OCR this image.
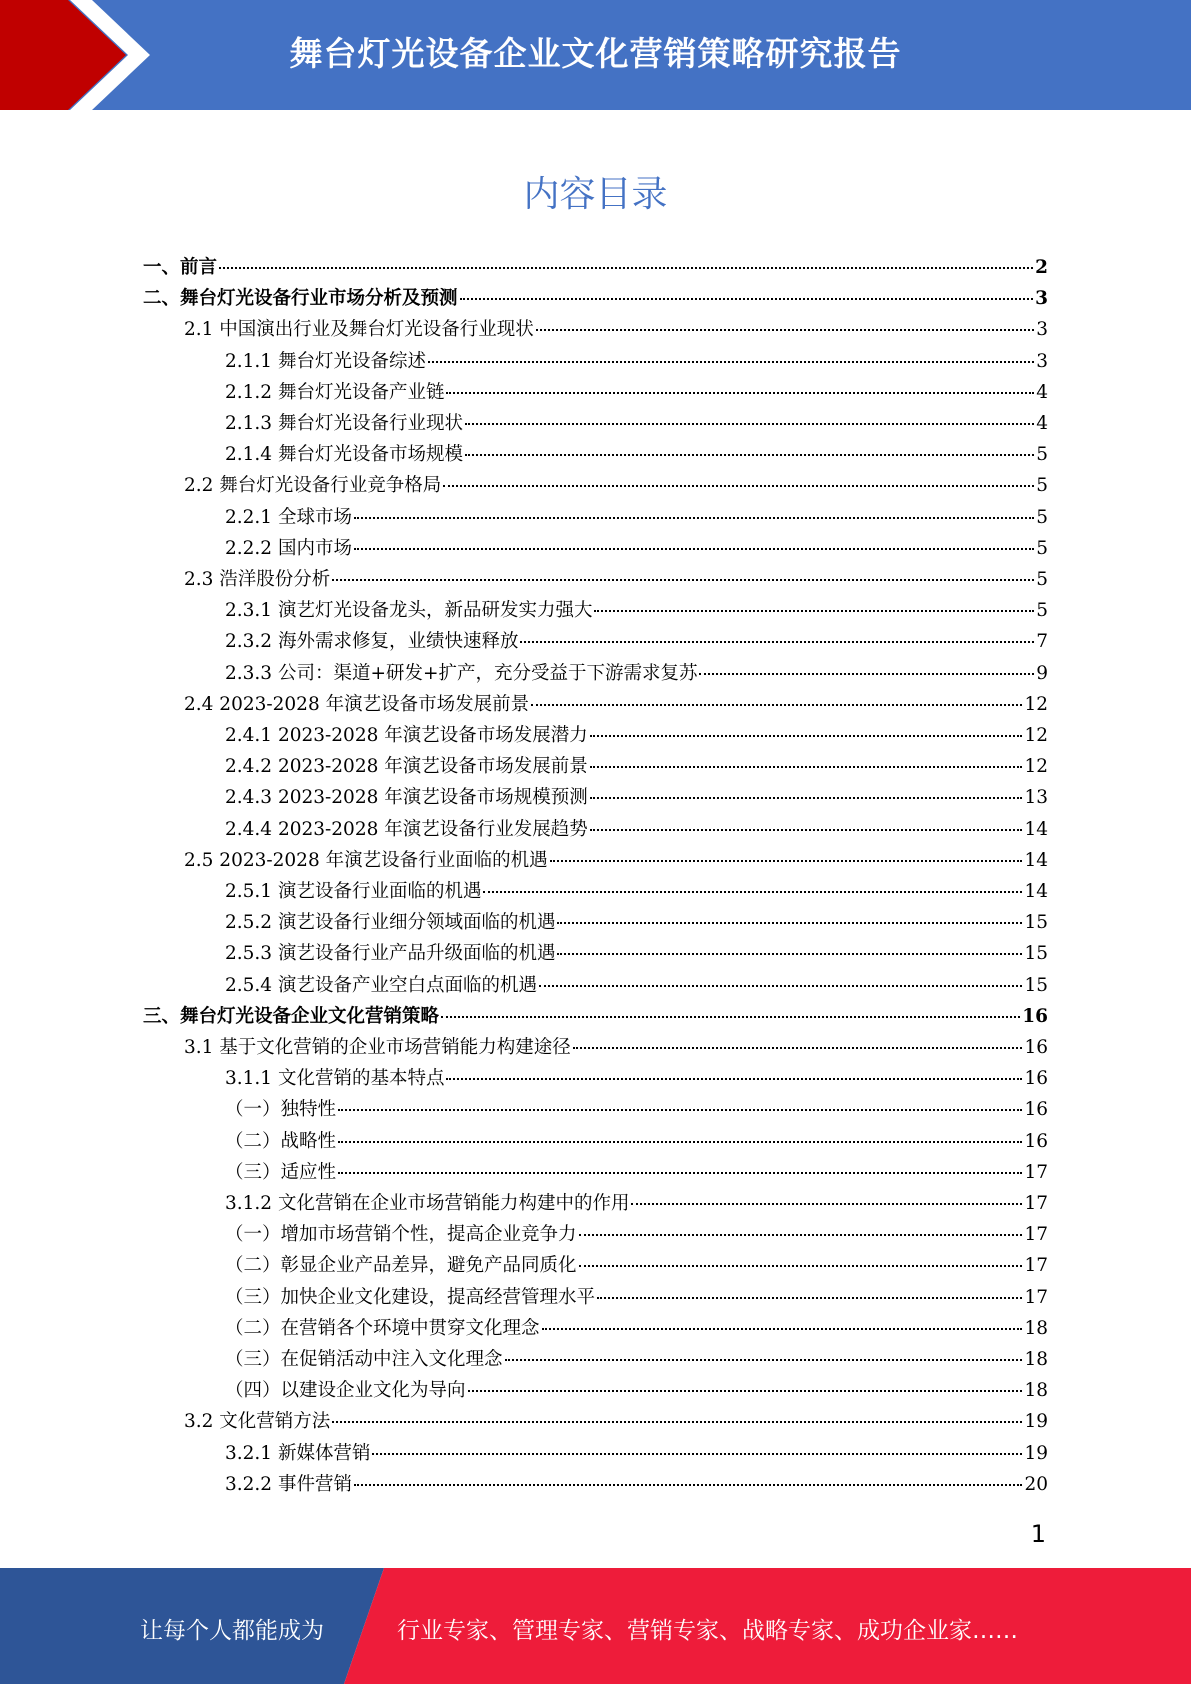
舞台灯光设备企业文化营销策略研究报告
内容目录
一、前言	2
二、舞台灯光设备行业市场分析及预测	3
2.1 中国演出行业及舞台灯光设备行业现状	3
2.1.1 舞台灯光设备综述	3
2.1.2 舞台灯光设备产业链	4
2.1.3 舞台灯光设备行业现状	4
2.1.4 舞台灯光设备市场规模	5
2.2 舞台灯光设备行业竞争格局	5
2.2.1 全球市场	5
2.2.2 国内市场	5
2.3 浩洋股份分析	5
2.3.1 演艺灯光设备龙头，新品研发实力强大	5
2.3.2 海外需求修复，业绩快速释放	7
2.3.3 公司：渠道+研发+扩产，充分受益于下游需求复苏	9
2.4 2023-2028 年演艺设备市场发展前景	12
2.4.1 2023-2028 年演艺设备市场发展潜力	12
2.4.2 2023-2028 年演艺设备市场发展前景	12
2.4.3 2023-2028 年演艺设备市场规模预测	13
2.4.4 2023-2028 年演艺设备行业发展趋势	14
2.5 2023-2028 年演艺设备行业面临的机遇	14
2.5.1 演艺设备行业面临的机遇	14
2.5.2 演艺设备行业细分领域面临的机遇	15
2.5.3 演艺设备行业产品升级面临的机遇	15
2.5.4 演艺设备产业空白点面临的机遇	15
三、舞台灯光设备企业文化营销策略	16
3.1 基于文化营销的企业市场营销能力构建途径	16
3.1.1 文化营销的基本特点	16
（一）独特性	16
（二）战略性	16
（三）适应性	17
3.1.2 文化营销在企业市场营销能力构建中的作用	17
（一）增加市场营销个性，提高企业竞争力	17
（二）彰显企业产品差异，避免产品同质化	17
（三）加快企业文化建设，提高经营管理水平	17
（二）在营销各个环境中贯穿文化理念	18
（三）在促销活动中注入文化理念	18
（四）以建设企业文化为导向	18
3.2 文化营销方法	19
3.2.1 新媒体营销	19
3.2.2 事件营销	20
1
让每个人都能成为	行业专家、管理专家、营销专家、战略专家、成功企业家……
